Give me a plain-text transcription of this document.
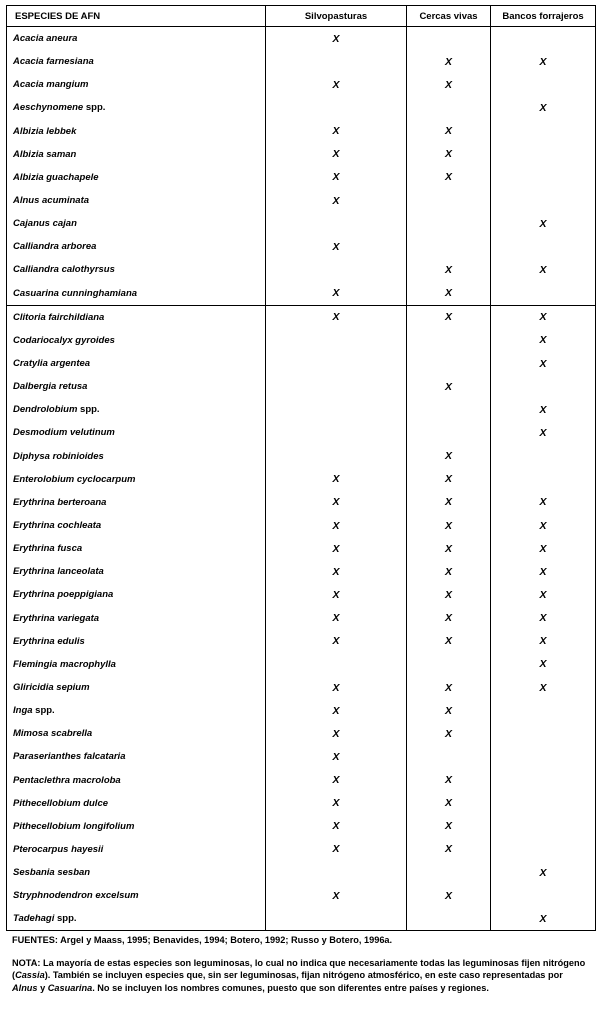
ESPECIES DE AFN	Silvopasturas	Cercas vivas	Bancos forrajeros
Acacia aneura	X		
Acacia farnesiana		X	X
Acacia mangium	X	X	
Aeschynomene spp.			X
Albizia lebbek	X	X	
Albizia saman	X	X	
Albizia guachapele	X	X	
Alnus acuminata	X		
Cajanus cajan			X
Calliandra arborea	X		
Calliandra calothyrsus		X	X
Casuarina cunninghamiana	X	X	
Clitoria fairchildiana	X	X	X
Codariocalyx gyroides			X
Cratylia argentea			X
Dalbergia retusa		X	
Dendrolobium spp.			X
Desmodium velutinum			X
Diphysa robinioides		X	
Enterolobium cyclocarpum	X	X	
Erythrina berteroana	X	X	X
Erythrina cochleata	X	X	X
Erythrina fusca	X	X	X
Erythrina lanceolata	X	X	X
Erythrina poeppigiana	X	X	X
Erythrina variegata	X	X	X
Erythrina edulis	X	X	X
Flemingia macrophylla			X
Gliricidia sepium	X	X	X
Inga spp.	X	X	
Mimosa scabrella	X	X	
Paraserianthes falcataria	X		
Pentaclethra macroloba	X	X	
Pithecellobium dulce	X	X	
Pithecellobium longifolium	X	X	
Pterocarpus hayesii	X	X	
Sesbania sesban			X
Stryphnodendron excelsum	X	X	
Tadehagi spp.			X

FUENTES: Argel y Maass, 1995; Benavides, 1994; Botero, 1992; Russo y Botero, 1996a.

NOTA: La mayoría de estas especies son leguminosas, lo cual no indica que necesariamente todas las leguminosas fijen nitrógeno (Cassia). También se incluyen especies que, sin ser leguminosas, fijan nitrógeno atmosférico, en este caso representadas por Alnus y Casuarina. No se incluyen los nombres comunes, puesto que son diferentes entre países y regiones.
